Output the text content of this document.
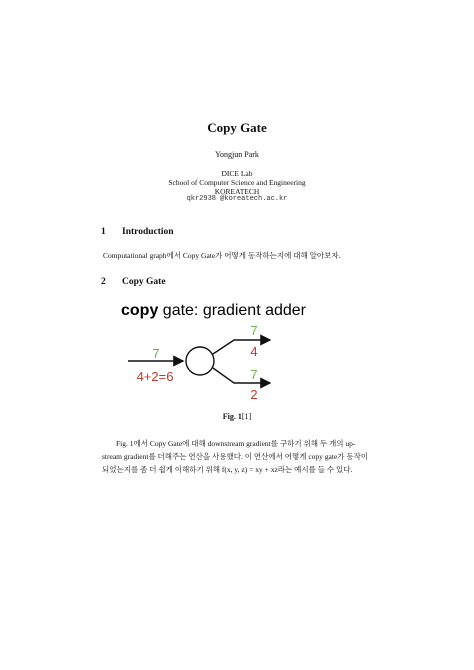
Copy Gate
Yongjun Park
DICE Lab
School of Computer Science and Engineering
KOREATECH
qkr2938 @koreatech.ac.kr
1 Introduction
Computational graph에서 Copy Gate가 어떻게 동작하는지에 대해 알아보자.
2 Copy Gate
copy gate: gradient adder
7
4+2=6
7
4
7
2
Fig. 1[1]
Fig. 1에서 Copy Gate에 대해 downstream gradient를 구하기 위해 두 개의 up-stream gradient를 더해주는 연산을 사용했다. 이 연산에서 어떻게 copy gate가 동작이 되었는지를 좀 더 쉽게 이해하기 위해 f(x, y, z) = xy + xz라는 예시를 들 수 있다.
